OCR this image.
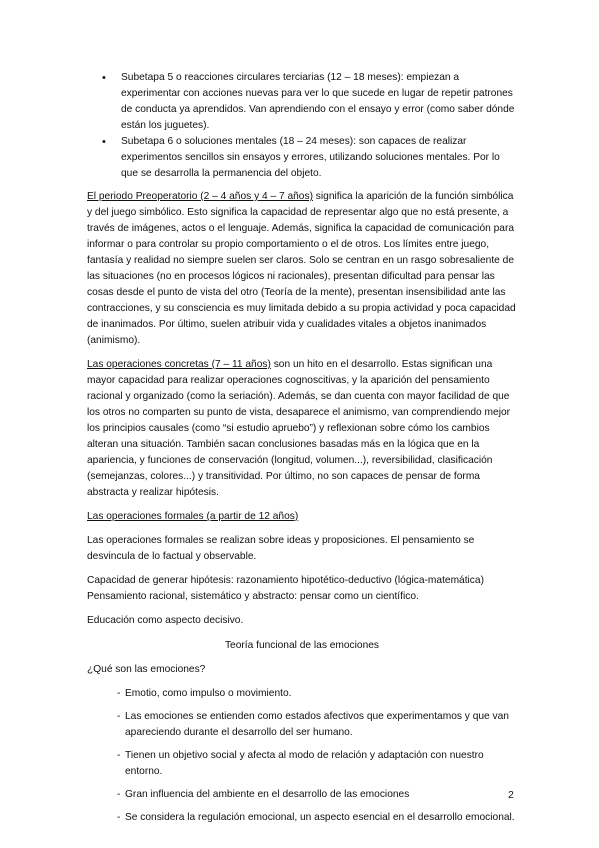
• Subetapa 5 o reacciones circulares terciarias (12 – 18 meses): empiezan a experimentar con acciones nuevas para ver lo que sucede en lugar de repetir patrones de conducta ya aprendidos. Van aprendiendo con el ensayo y error (como saber dónde están los juguetes).
• Subetapa 6 o soluciones mentales (18 – 24 meses): son capaces de realizar experimentos sencillos sin ensayos y errores, utilizando soluciones mentales. Por lo que se desarrolla la permanencia del objeto.

El periodo Preoperatorio (2 – 4 años y 4 – 7 años) significa la aparición de la función simbólica y del juego simbólico. Esto significa la capacidad de representar algo que no está presente, a través de imágenes, actos o el lenguaje. Además, significa la capacidad de comunicación para informar o para controlar su propio comportamiento o el de otros. Los límites entre juego, fantasía y realidad no siempre suelen ser claros. Solo se centran en un rasgo sobresaliente de las situaciones (no en procesos lógicos ni racionales), presentan dificultad para pensar las cosas desde el punto de vista del otro (Teoría de la mente), presentan insensibilidad ante las contracciones, y su consciencia es muy limitada debido a su propia actividad y poca capacidad de inanimados. Por último, suelen atribuir vida y cualidades vitales a objetos inanimados (animismo).

Las operaciones concretas (7 – 11 años) son un hito en el desarrollo. Estas significan una mayor capacidad para realizar operaciones cognoscitivas, y la aparición del pensamiento racional y organizado (como la seriación). Además, se dan cuenta con mayor facilidad de que los otros no comparten su punto de vista, desaparece el animismo, van comprendiendo mejor los principios causales (como “si estudio apruebo”) y reflexionan sobre cómo los cambios alteran una situación. También sacan conclusiones basadas más en la lógica que en la apariencia, y funciones de conservación (longitud, volumen...), reversibilidad, clasificación (semejanzas, colores...) y transitividad. Por último, no son capaces de pensar de forma abstracta y realizar hipótesis.

Las operaciones formales (a partir de 12 años)

Las operaciones formales se realizan sobre ideas y proposiciones. El pensamiento se desvincula de lo factual y observable.

Capacidad de generar hipótesis: razonamiento hipotético-deductivo (lógica-matemática)
Pensamiento racional, sistemático y abstracto: pensar como un científico.

Educación como aspecto decisivo.

Teoría funcional de las emociones

¿Qué son las emociones?

- Emotio, como impulso o movimiento.
- Las emociones se entienden como estados afectivos que experimentamos y que van apareciendo durante el desarrollo del ser humano.
- Tienen un objetivo social y afecta al modo de relación y adaptación con nuestro entorno.
- Gran influencia del ambiente en el desarrollo de las emociones
- Se considera la regulación emocional, un aspecto esencial en el desarrollo emocional.
2
